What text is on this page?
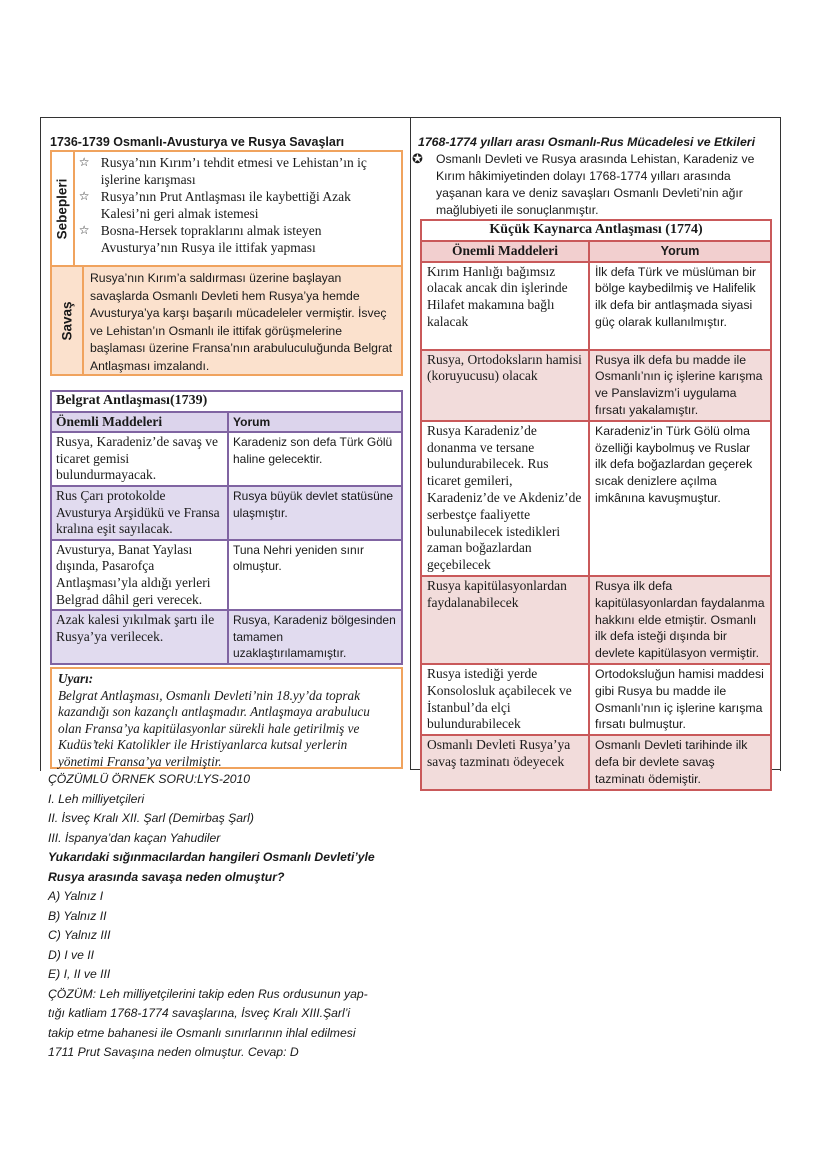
1736-1739 Osmanlı-Avusturya ve Rusya Savaşları
Sebepleri
☆ Rusya’nın Kırım’ı tehdit etmesi ve Lehistan’ın iç işlerine karışması
☆ Rusya’nın Prut Antlaşması ile kaybettiği Azak Kalesi’ni geri almak istemesi
☆ Bosna-Hersek topraklarını almak isteyen Avusturya’nın Rusya ile ittifak yapması
Savaş
Rusya’nın Kırım’a saldırması üzerine başlayan savaşlarda Osmanlı Devleti hem Rusya’ya hemde Avusturya’ya karşı başarılı mücadeleler vermiştir. İsveç ve Lehistan’ın Osmanlı ile ittifak görüşmelerine başlaması üzerine Fransa’nın arabuluculuğunda Belgrat Antlaşması imzalandı.
Belgrat Antlaşması(1739)	
Önemli Maddeleri	Yorum
Rusya, Karadeniz’de savaş ve ticaret gemisi bulundurmayacak.	Karadeniz son defa Türk Gölü haline gelecektir.
Rus Çarı protokolde Avusturya Arşidükü ve Fransa kralına eşit sayılacak.	Rusya büyük devlet statüsüne ulaşmıştır.
Avusturya, Banat Yaylası dışında, Pasarofça Antlaşması’yla aldığı yerleri Belgrad dâhil geri verecek.	Tuna Nehri yeniden sınır olmuştur.
Azak kalesi yıkılmak şartı ile Rusya’ya verilecek.	Rusya, Karadeniz bölgesinden tamamen uzaklaştırılamamıştır.
Uyarı:
Belgrat Antlaşması, Osmanlı Devleti’nin 18.yy’da toprak kazandığı son kazançlı antlaşmadır. Antlaşmaya arabulucu olan Fransa’ya kapitülasyonlar sürekli hale getirilmiş ve Kudüs’teki Katolikler ile Hristiyanlarca kutsal yerlerin yönetimi Fransa’ya verilmiştir.
1768-1774 yılları arası Osmanlı-Rus Mücadelesi ve Etkileri
✪ Osmanlı Devleti ve Rusya arasında Lehistan, Karadeniz ve Kırım hâkimiyetinden dolayı 1768-1774 yılları arasında yaşanan kara ve deniz savaşları Osmanlı Devleti’nin ağır mağlubiyeti ile sonuçlanmıştır.
Küçük Kaynarca Antlaşması (1774)	
Önemli Maddeleri	Yorum
Kırım Hanlığı bağımsız olacak ancak din işlerinde Hilafet makamına bağlı kalacak	İlk defa Türk ve müslüman bir bölge kaybedilmiş ve Halifelik ilk defa bir antlaşmada siyasi güç olarak kullanılmıştır.
Rusya, Ortodoksların hamisi (koruyucusu) olacak	Rusya ilk defa bu madde ile Osmanlı’nın iç işlerine karışma ve Panslavizm’i uygulama fırsatı yakalamıştır.
Rusya Karadeniz’de donanma ve tersane bulundurabilecek. Rus ticaret gemileri, Karadeniz’de ve Akdeniz’de serbestçe faaliyette bulunabilecek istedikleri zaman boğazlardan geçebilecek	Karadeniz’in Türk Gölü olma özelliği kaybolmuş ve Ruslar ilk defa boğazlardan geçerek sıcak denizlere açılma imkânına kavuşmuştur.
Rusya kapitülasyonlardan faydalanabilecek	Rusya ilk defa kapitülasyonlardan faydalanma hakkını elde etmiştir. Osmanlı ilk defa isteği dışında bir devlete kapitülasyon vermiştir.
Rusya istediği yerde Konsolosluk açabilecek ve İstanbul’da elçi bulundurabilecek	Ortodoksluğun hamisi maddesi gibi Rusya bu madde ile Osmanlı’nın iç işlerine karışma fırsatı bulmuştur.
Osmanlı Devleti Rusya’ya savaş tazminatı ödeyecek	Osmanlı Devleti tarihinde ilk defa bir devlete savaş tazminatı ödemiştir.
ÇÖZÜMLÜ ÖRNEK SORU:LYS-2010
I. Leh milliyetçileri
II. İsveç Kralı XII. Şarl (Demirbaş Şarl)
III. İspanya’dan kaçan Yahudiler
Yukarıdaki sığınmacılardan hangileri Osmanlı Devleti’yle
Rusya arasında savaşa neden olmuştur?
A) Yalnız I
B) Yalnız II
C) Yalnız III
D) I ve II
E) I, II ve III
ÇÖZÜM: Leh milliyetçilerini takip eden Rus ordusunun yap-
tığı katliam 1768-1774 savaşlarına, İsveç Kralı XIII.Şarl’i
takip etme bahanesi ile Osmanlı sınırlarının ihlal edilmesi
1711 Prut Savaşına neden olmuştur. Cevap: D
